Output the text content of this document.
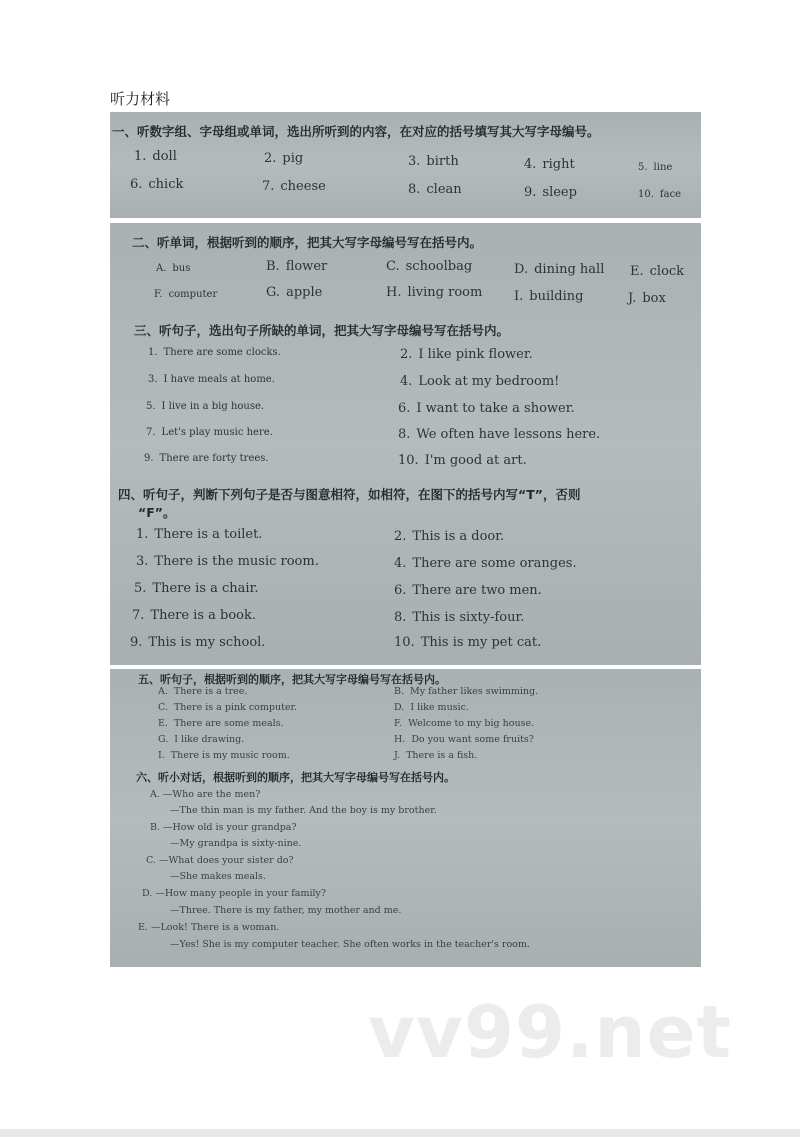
听力材料
一、听数字组、字母组或单词，选出所听到的内容，在对应的括号填写其大写字母编号。
1. doll	2. pig	3. birth	4. right	5. line
6. chick	7. cheese	8. clean	9. sleep	10. face
二、听单词，根据听到的顺序，把其大写字母编号写在括号内。
A. bus	B. flower	C. schoolbag	D. dining hall E. clock
F. computer	G. apple	H. living room I. building	J. box
三、听句子，选出句子所缺的单词，把其大写字母编号写在括号内。
1. There are some clocks.	2. I like pink flower.
3. I have meals at home.	4. Look at my bedroom!
5. I live in a big house.	6. I want to take a shower.
7. Let's play music here.	8. We often have lessons here.
9. There are forty trees.	10. I'm good at art.
四、听句子，判断下列句子是否与图意相符，如相符，在图下的括号内写“T”，否则
“F”。
1. There is a toilet.	2. This is a door.
3. There is the music room.	4. There are some oranges.
5. There is a chair.	6. There are two men.
7. There is a book.	8. This is sixty-four.
9. This is my school.	10. This is my pet cat.
五、听句子，根据听到的顺序，把其大写字母编号写在括号内。
A. There is a tree.	B. My father likes swimming.
C. There is a pink computer.	D. I like music.
E. There are some meals.	F. Welcome to my big house.
G. I like drawing.	H. Do you want some fruits?
I. There is my music room.	J. There is a fish.
六、听小对话，根据听到的顺序，把其大写字母编号写在括号内。
A. —Who are the men?
—The thin man is my father. And the boy is my brother.
B. —How old is your grandpa?
—My grandpa is sixty-nine.
C. —What does your sister do?
—She makes meals.
D. —How many people in your family?
—Three. There is my father, my mother and me.
E. —Look! There is a woman.
—Yes! She is my computer teacher. She often works in the teacher's room.
vv99.net
